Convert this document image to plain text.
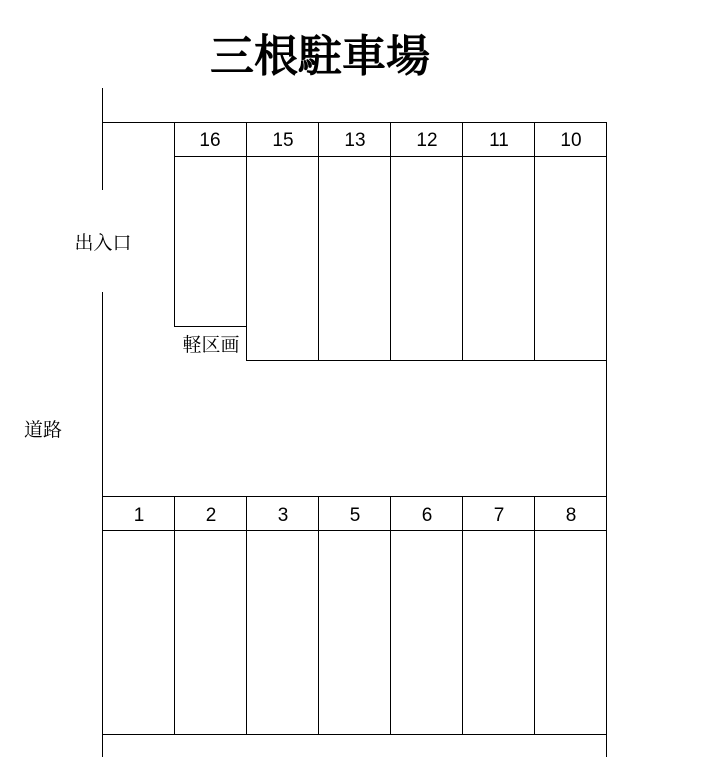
三根駐車場
16	15	13	12	11	10
1	2	3	5	6	7	8
出入口
道路
軽区画
